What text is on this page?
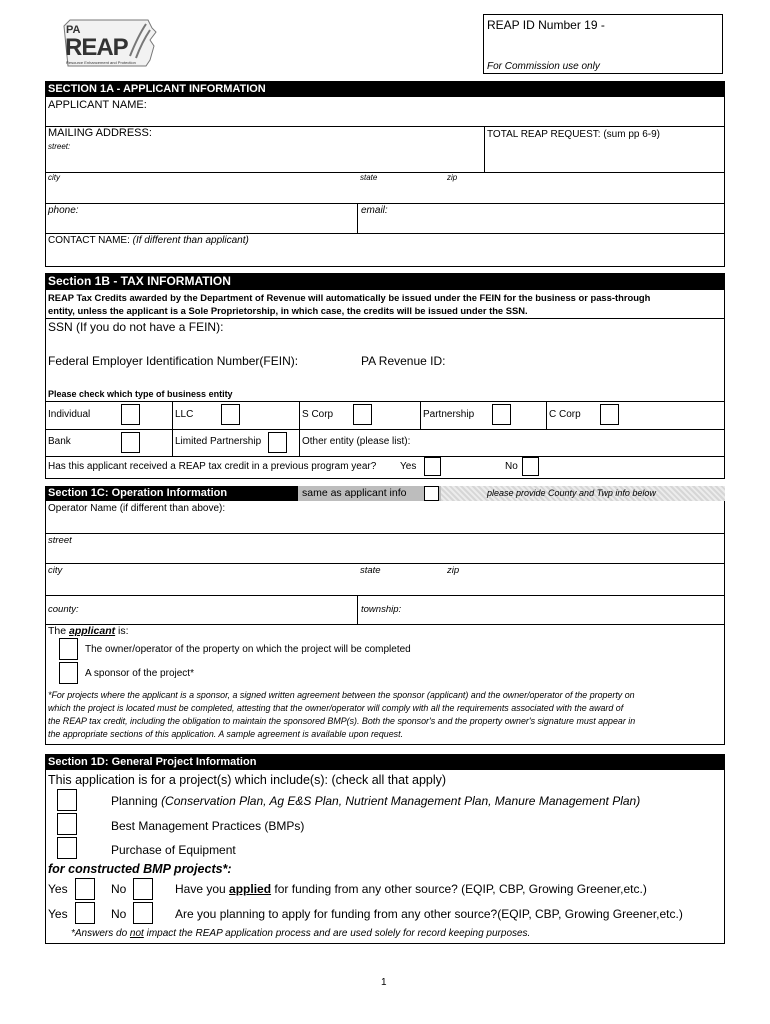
PA
REAP
Resource Enhancement and Protection
REAP ID Number 19 -
For Commission use only
SECTION 1A - APPLICANT INFORMATION
APPLICANT NAME:
MAILING ADDRESS:
street:
TOTAL REAP REQUEST: (sum pp 6-9)
city	state	zip
phone:	email:
CONTACT NAME: (If different than applicant)
Section 1B - TAX INFORMATION
REAP Tax Credits awarded by the Department of Revenue will automatically be issued under the FEIN for the business or pass-through
entity, unless the applicant is a Sole Proprietorship, in which case, the credits will be issued under the SSN.
SSN (If you do not have a FEIN):
Federal Employer Identification Number(FEIN):	PA Revenue ID:
Please check which type of business entity
Individual	LLC	S Corp	Partnership	C Corp
Bank	Limited Partnership	Other entity (please list):
Has this applicant received a REAP tax credit in a previous program year? Yes	No
Section 1C: Operation Information	same as applicant info	please provide County and Twp info below
Operator Name (if different than above):
street
city	state	zip
county:	township:
The applicant is:
The owner/operator of the property on which the project will be completed
A sponsor of the project*
*For projects where the applicant is a sponsor, a signed written agreement between the sponsor (applicant) and the owner/operator of the property on
which the project is located must be completed, attesting that the owner/operator will comply with all the requirements associated with the award of
the REAP tax credit, including the obligation to maintain the sponsored BMP(s). Both the sponsor's and the property owner's signature must appear in
the appropriate sections of this application. A sample agreement is available upon request.
Section 1D: General Project Information
This application is for a project(s) which include(s): (check all that apply)
Planning (Conservation Plan, Ag E&S Plan, Nutrient Management Plan, Manure Management Plan)
Best Management Practices (BMPs)
Purchase of Equipment
for constructed BMP projects*:
Yes	No	Have you applied for funding from any other source? (EQIP, CBP, Growing Greener,etc.)
Yes	No	Are you planning to apply for funding from any other source?(EQIP, CBP, Growing Greener,etc.)
*Answers do not impact the REAP application process and are used solely for record keeping purposes.
1
